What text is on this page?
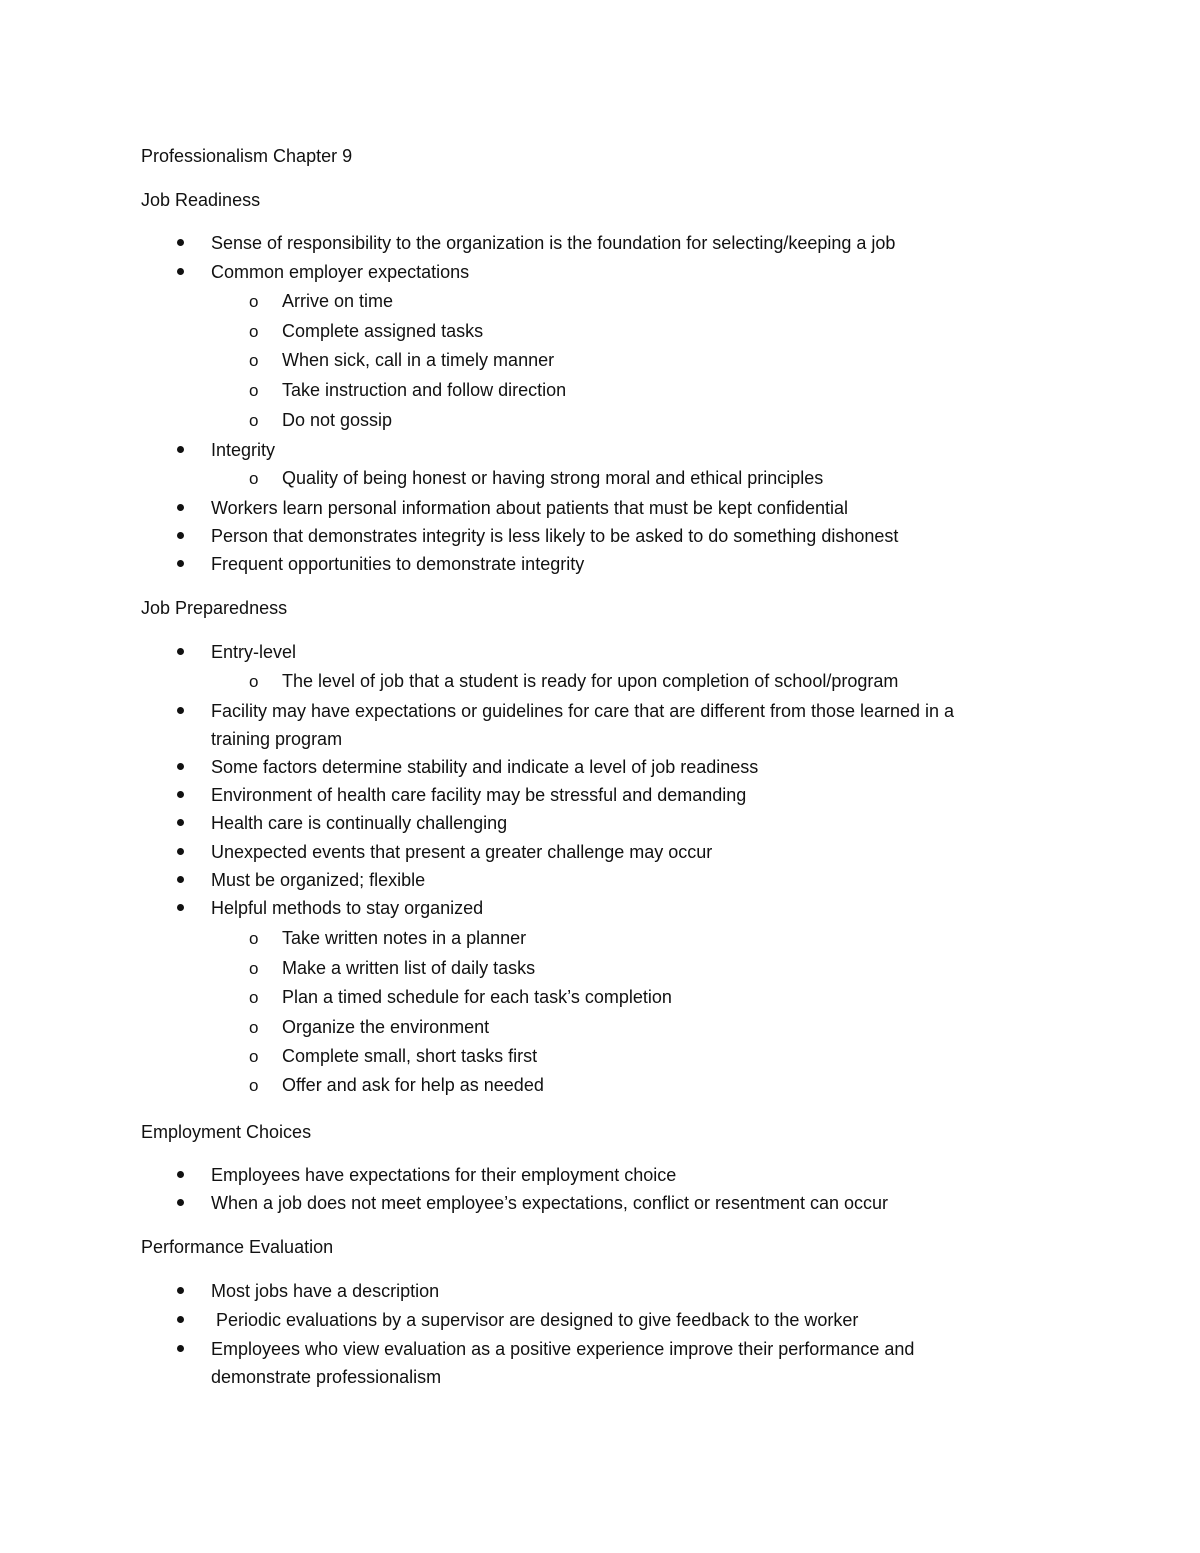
Professionalism Chapter 9
Job Readiness
Sense of responsibility to the organization is the foundation for selecting/keeping a job
Common employer expectations
o Arrive on time
o Complete assigned tasks
o When sick, call in a timely manner
o Take instruction and follow direction
o Do not gossip
Integrity
o Quality of being honest or having strong moral and ethical principles
Workers learn personal information about patients that must be kept confidential
Person that demonstrates integrity is less likely to be asked to do something dishonest
Frequent opportunities to demonstrate integrity
Job Preparedness
Entry-level
o The level of job that a student is ready for upon completion of school/program
Facility may have expectations or guidelines for care that are different from those learned in a
training program
Some factors determine stability and indicate a level of job readiness
Environment of health care facility may be stressful and demanding
Health care is continually challenging
Unexpected events that present a greater challenge may occur
Must be organized; flexible
Helpful methods to stay organized
o Take written notes in a planner
o Make a written list of daily tasks
o Plan a timed schedule for each task’s completion
o Organize the environment
o Complete small, short tasks first
o Offer and ask for help as needed
Employment Choices
Employees have expectations for their employment choice
When a job does not meet employee’s expectations, conflict or resentment can occur
Performance Evaluation
Most jobs have a description
Periodic evaluations by a supervisor are designed to give feedback to the worker
Employees who view evaluation as a positive experience improve their performance and
demonstrate professionalism
